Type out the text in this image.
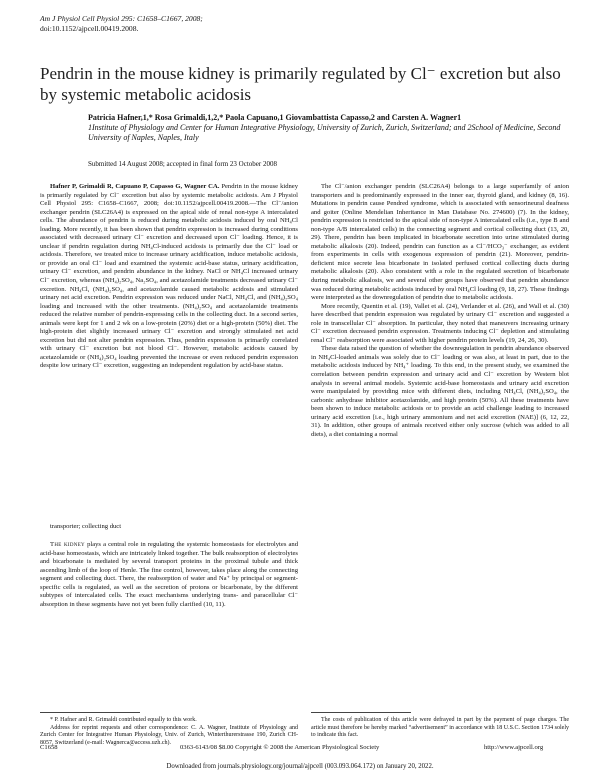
Am J Physiol Cell Physiol 295: C1658–C1667, 2008;
doi:10.1152/ajpcell.00419.2008.
Pendrin in the mouse kidney is primarily regulated by Cl⁻ excretion but also by systemic metabolic acidosis
Patricia Hafner,1,* Rosa Grimaldi,1,2,* Paola Capuano,1 Giovambattista Capasso,2 and Carsten A. Wagner1
1Institute of Physiology and Center for Human Integrative Physiology, University of Zurich, Zurich, Switzerland; and 2School of Medicine, Second University of Naples, Naples, Italy
Submitted 14 August 2008; accepted in final form 23 October 2008

Hafner P, Grimaldi R, Capuano P, Capasso G, Wagner CA. Pendrin in the mouse kidney is primarily regulated by Cl⁻ excretion but also by systemic metabolic acidosis. Am J Physiol Cell Physiol 295: C1658–C1667, 2008; doi:10.1152/ajpcell.00419.2008.—The Cl⁻/anion exchanger pendrin (SLC26A4) is expressed on the apical side of renal non-type A intercalated cells. The abundance of pendrin is reduced during metabolic acidosis induced by oral NH₄Cl loading. More recently, it has been shown that pendrin expression is increased during conditions associated with decreased urinary Cl⁻ excretion and decreased upon Cl⁻ loading. Hence, it is unclear if pendrin regulation during NH₄Cl-induced acidosis is primarily due the Cl⁻ load or acidosis. Therefore, we treated mice to increase urinary acidification, induce metabolic acidosis, or provide an oral Cl⁻ load and examined the systemic acid-base status, urinary acidification, urinary Cl⁻ excretion, and pendrin abundance in the kidney. NaCl or NH₄Cl increased urinary Cl⁻ excretion, whereas (NH₄)₂SO₄, Na₂SO₄, and acetazolamide treatments decreased urinary Cl⁻ excretion. NH₄Cl, (NH₄)₂SO₄, and acetazolamide caused metabolic acidosis and stimulated urinary net acid excretion. Pendrin expression was reduced under NaCl, NH₄Cl, and (NH₄)₂SO₄ loading and increased with the other treatments. (NH₄)₂SO₄ and acetazolamide treatments reduced the relative number of pendrin-expressing cells in the collecting duct. In a second series, animals were kept for 1 and 2 wk on a low-protein (20%) diet or a high-protein (50%) diet. The high-protein diet slightly increased urinary Cl⁻ excretion and strongly stimulated net acid excretion but did not alter pendrin expression. Thus, pendrin expression is primarily correlated with urinary Cl⁻ excretion but not blood Cl⁻. However, metabolic acidosis caused by acetazolamide or (NH₄)₂SO₄ loading prevented the increase or even reduced pendrin expression despite low urinary Cl⁻ excretion, suggesting an independent regulation by acid-base status.

transporter; collecting duct

The kidney plays a central role in regulating the systemic homeostasis for electrolytes and acid-base homeostasis, which are intricately linked together. The bulk reabsorption of electrolytes and bicarbonate is mediated by several transport proteins in the proximal tubule and thick ascending limb of the loop of Henle. The fine control, however, takes place along the connecting segment and collecting duct. There, the reabsorption of water and Na⁺ by principal or segment-specific cells is regulated, as well as the secretion of protons or bicarbonate, by the different subtypes of intercalated cells. The exact mechanisms underlying trans- and paracellular Cl⁻ absorption in these segments have not yet been fully clarified (10, 11).

The Cl⁻/anion exchanger pendrin (SLC26A4) belongs to a large superfamily of anion transporters and is predominantly expressed in the inner ear, thyroid gland, and kidney (8, 16). Mutations in pendrin cause Pendred syndrome, which is associated with sensorineural deafness and goiter (Online Mendelian Inheritance in Man Database No. 274600) (7). In the kidney, pendrin expression is restricted to the apical side of non-type A intercalated cells (i.e., type B and non-type A/B intercalated cells) in the connecting segment and cortical collecting duct (13, 20, 29). There, pendrin has been implicated in bicarbonate secretion into urine stimulated during metabolic alkalosis (20). Indeed, pendrin can function as a Cl⁻/HCO₃⁻ exchanger, as evident from experiments in cells with exogenous expression of pendrin (21). Moreover, pendrin-deficient mice secrete less bicarbonate in isolated perfused cortical collecting ducts during metabolic alkalosis (20). Also consistent with a role in the regulated secretion of bicarbonate during metabolic alkalosis, we and several other groups have observed that pendrin abundance was reduced during metabolic acidosis induced by oral NH₄Cl loading (9, 18, 27). These findings were interpreted as the downregulation of pendrin due to metabolic acidosis.

More recently, Quentin et al. (19), Vallet et al. (24), Verlander et al. (26), and Wall et al. (30) have described that pendrin expression was regulated by urinary Cl⁻ excretion and suggested a role in transcellular Cl⁻ absorption. In particular, they noted that maneuvers increasing urinary Cl⁻ excretion decreased pendrin expression. Treatments inducing Cl⁻ depletion and stimulating renal Cl⁻ reabsorption were associated with higher pendrin protein levels (19, 24, 26, 30).

These data raised the question of whether the downregulation in pendrin abundance observed in NH₄Cl-loaded animals was solely due to Cl⁻ loading or was also, at least in part, due to the metabolic acidosis induced by NH₄⁺ loading. To this end, in the present study, we examined the correlation between pendrin expression and urinary acid and Cl⁻ excretion by Western blot analysis in several animal models. Systemic acid-base homeostasis and urinary acid excretion were manipulated by providing mice with different diets, including NH₄Cl, (NH₄)₂SO₄, the carbonic anhydrase inhibitor acetazolamide, and high protein (50%). All these treatments have been shown to induce metabolic acidosis or to provide an acid challenge leading to increased urinary acid excretion [i.e., high urinary ammonium and net acid excretion (NAE)] (6, 12, 22, 31). In addition, other groups of animals received either only sucrose (which was added to all diets), a diet containing a normal

* P. Hafner and R. Grimaldi contributed equally to this work.
Address for reprint requests and other correspondence: C. A. Wagner, Institute of Physiology and Zurich Center for Integrative Human Physiology, Univ. of Zurich, Winterthurerstrasse 190, Zurich CH-8057, Switzerland (e-mail: Wagnerca@access.uzh.ch).
The costs of publication of this article were defrayed in part by the payment of page charges. The article must therefore be hereby marked “advertisement” in accordance with 18 U.S.C. Section 1734 solely to indicate this fact.
C1658	0363-6143/08 $8.00 Copyright © 2008 the American Physiological Society	http://www.ajpcell.org
Downloaded from journals.physiology.org/journal/ajpcell (003.093.064.172) on January 20, 2022.
